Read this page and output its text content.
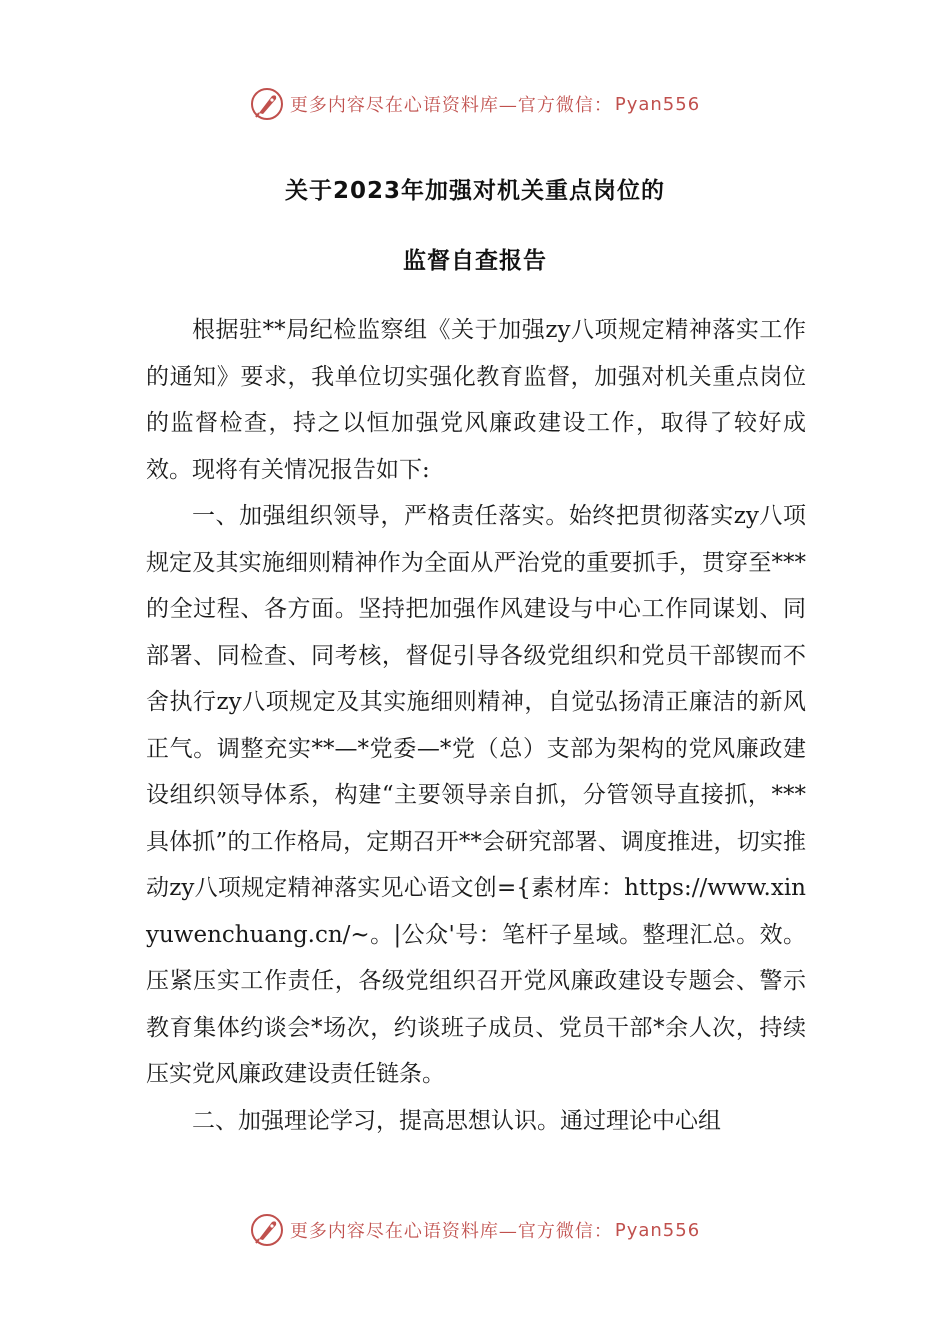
更多内容尽在心语资料库—官方微信： Pyan556
关于2023年加强对机关重点岗位的
监督自查报告

根据驻**局纪检监察组《关于加强zy八项规定精神落实工作的通知》要求，我单位切实强化教育监督，加强对机关重点岗位的监督检查，持之以恒加强党风廉政建设工作，取得了较好成效。现将有关情况报告如下:

一、加强组织领导，严格责任落实。始终把贯彻落实zy八项规定及其实施细则精神作为全面从严治党的重要抓手，贯穿至***的全过程、各方面。坚持把加强作风建设与中心工作同谋划、同部署、同检查、同考核，督促引导各级党组织和党员干部锲而不舍执行zy八项规定及其实施细则精神，自觉弘扬清正廉洁的新风正气。调整充实**—*党委—*党（总）支部为架构的党风廉政建设组织领导体系，构建“主要领导亲自抓，分管领导直接抓，***具体抓”的工作格局，定期召开**会研究部署、调度推进，切实推动zy八项规定精神落实见心语文创={素材库：https://www.xinyuwenchuang.cn/~。|公众'号：笔杆子星域。整理汇总。效。压紧压实工作责任，各级党组织召开党风廉政建设专题会、警示教育集体约谈会*场次，约谈班子成员、党员干部*余人次，持续压实党风廉政建设责任链条。

二、加强理论学习，提高思想认识。通过理论中心组

更多内容尽在心语资料库—官方微信： Pyan556
